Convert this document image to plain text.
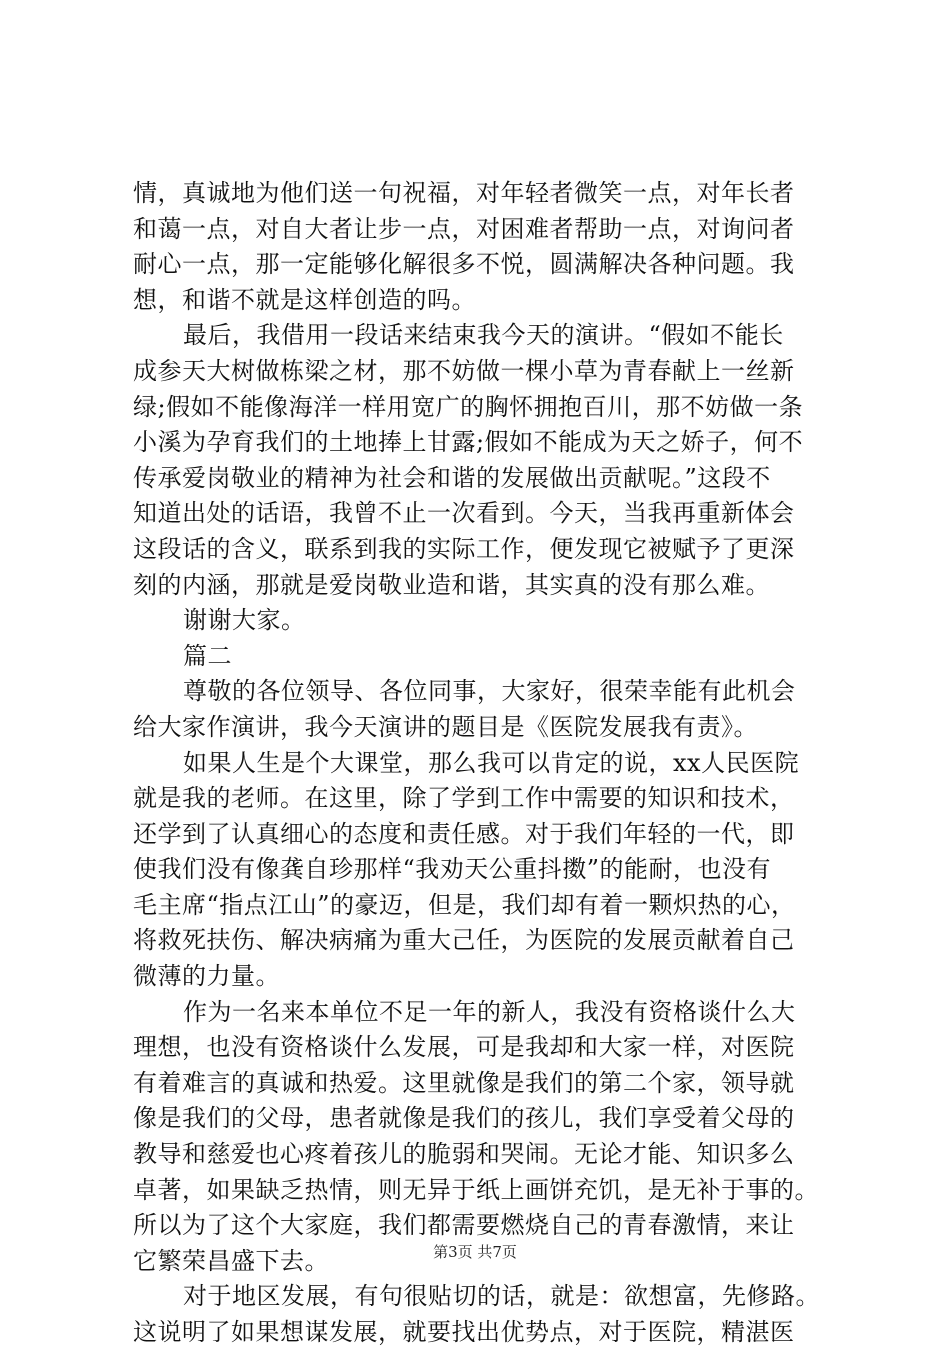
情，真诚地为他们送一句祝福，对年轻者微笑一点，对年长者
和蔼一点，对自大者让步一点，对困难者帮助一点，对询问者
耐心一点，那一定能够化解很多不悦，圆满解决各种问题。我
想，和谐不就是这样创造的吗。
最后，我借用一段话来结束我今天的演讲。“假如不能长
成参天大树做栋梁之材，那不妨做一棵小草为青春献上一丝新
绿;假如不能像海洋一样用宽广的胸怀拥抱百川，那不妨做一条
小溪为孕育我们的土地捧上甘露;假如不能成为天之娇子，何不
传承爱岗敬业的精神为社会和谐的发展做出贡献呢。”这段不
知道出处的话语，我曾不止一次看到。今天，当我再重新体会
这段话的含义，联系到我的实际工作，便发现它被赋予了更深
刻的内涵，那就是爱岗敬业造和谐，其实真的没有那么难。
谢谢大家。
篇二
尊敬的各位领导、各位同事，大家好，很荣幸能有此机会
给大家作演讲，我今天演讲的题目是《医院发展我有责》。
如果人生是个大课堂，那么我可以肯定的说，xx人民医院
就是我的老师。在这里，除了学到工作中需要的知识和技术，
还学到了认真细心的态度和责任感。对于我们年轻的一代，即
使我们没有像龚自珍那样“我劝天公重抖擞”的能耐，也没有
毛主席“指点江山”的豪迈，但是，我们却有着一颗炽热的心，
将救死扶伤、解决病痛为重大己任，为医院的发展贡献着自己
微薄的力量。
作为一名来本单位不足一年的新人，我没有资格谈什么大
理想，也没有资格谈什么发展，可是我却和大家一样，对医院
有着难言的真诚和热爱。这里就像是我们的第二个家，领导就
像是我们的父母，患者就像是我们的孩儿，我们享受着父母的
教导和慈爱也心疼着孩儿的脆弱和哭闹。无论才能、知识多么
卓著，如果缺乏热情，则无异于纸上画饼充饥，是无补于事的。
所以为了这个大家庭，我们都需要燃烧自己的青春激情，来让
它繁荣昌盛下去。
对于地区发展，有句很贴切的话，就是：欲想富，先修路。
这说明了如果想谋发展，就要找出优势点，对于医院，精湛医
第3页 共7页
